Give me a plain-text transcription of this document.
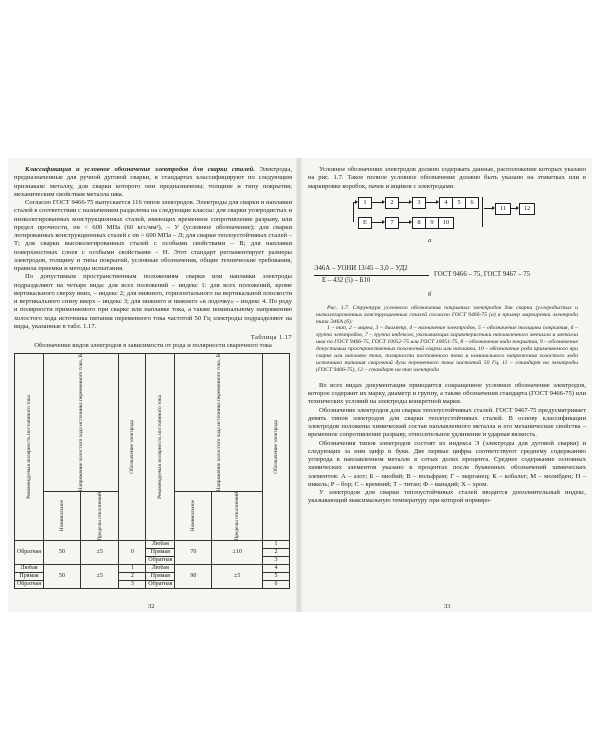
Классификация и условное обозначение электродов для сварки сталей. Электроды, предназначенные для ручной дуговой сварки, в стандартах классифицируют по следующим признакам: металлу, для сварки которого они предназначены; толщине и типу покрытия; механическим свойствам металла шва.

Согласно ГОСТ 9466-75 выпускается 116 типов электродов. Электроды для сварки и наплавки сталей в соответствии с назначением разделены на следующие классы: для сварки углеродистых и низколегированных конструкционных сталей, имеющих временное сопротивление разрыву, или предел прочности, σв < 600 МПа (60 кгс/мм²), – У (условное обозначение); для сварки легированных конструкционных сталей с σв > 600 МПа – Л; для сварки теплоустойчивых сталей – Т; для сварки высоколегированных сталей с особыми свойствами – В; для наплавки поверхностных слоев с особыми свойствами – Н. Этот стандарт регламентирует размеры электродов, толщину и типы покрытий, условные обозначения, общие технические требования, правила приемки и методы испытания.

По допустимым пространственным положениям сварки или наплавки электроды подразделяют на четыре вида: для всех положений – индекс 1: для всех положений, кроме вертикального сверху вниз, – индекс 2; для нижнего, горизонтального на вертикальной плоскости и вертикального снизу вверх – индекс 3; для нижнего и нижнего «в лодочку» – индекс 4. По роду и полярности применяемого при сварке или наплавке тока, а также номинальному напряжению холостого хода источника питания переменного тока частотой 50 Гц электроды подразделяют на виды, указанные в табл. 1.17.

Таблица 1.17
Обозначение видов электродов в зависимости от рода и полярности сварочного тока
Рекомендуемая полярность постоянного тока	Напряжение холостого хода источника переменного тока, В		Обозначение электрода	Рекомендуемая полярность постоянного тока	Напряжение холостого хода источника переменного тока, В		Обозначение электрода

	Номинальное	Пределы отклонений			Номинальное	Пределы отклонений	

Обратная	50	±5	0	Любая	70	±10	1
				Прямая			2
				Обратная			3
Любая	50	±5	1	Любая	90	±5	4
Прямая			2	Прямая			5
Обратная			3	Обратная			6
32

Условное обозначение электродов должно содержать данные, расположение которых указано на рис. 1.7. Такое полное условное обозначение должно быть указано на этикетках или в маркировке коробок, пачек и ящиков с электродами.

1	2	3	4	5	6
E	7	8	9	10
11	12
а
Э46А – УОНИ 13/45 – 3,0 – УД2
Е – 432 (5) – Б10
ГОСТ 9466 – 75, ГОСТ 9467 – 75
б

Рис. 1.7. Структура условного обозначения покрытых электродов для сварки (углеродистых и низколегированных конструкционных сталей согласно ГОСТ 9466-75 (а) и пример маркировки электрода типа Э46А (б):

1 – тип, 2 – марка, 3 – диаметр, 4 – назначение электродов, 5 – обозначение толщины покрытия, 6 – группа электродов, 7 – группа индексов, указывающих характеристики наплавленного металла и металла шва по ГОСТ 9466-75, ГОСТ 10052-75 или ГОСТ 10051-75, 8 – обозначение вида покрытия, 9 – обозначение допустимых пространственных положений сварки или наплавки, 10 – обозначение рода применяемого при сварке или наплавке тока, полярности постоянного тока и номинального напряжения холостого хода источника питания сварочной дуги переменного тока частотой 50 Гц, 11 – стандарт на электроды (ГОСТ 9466-75), 12 – стандарт на тип электрода

Во всех видах документации приводится сокращенное условное обозначение электродов, которое содержит их марку, диаметр и группу, а также обозначения стандарта (ГОСТ 9466-75) или технических условий на электроды конкретной марки.

Обозначение электродов для сварки теплоустойчивых сталей. ГОСТ 9467-75 предусматривает девять типов электродов для сварки теплоустойчивых сталей. В основу классификации электродов положены химический состав наплавленного металла и его механические свойства – временное сопротивление разрыву, относительное удлинение и ударная вязкость.

Обозначения типов электродов состоят из индекса Э (электроды для дуговой сварки) и следующих за ним цифр и букв. Две первые цифры соответствуют среднему содержанию углерода в наплавленном металле в сотых долях процента. Среднее содержание основных химических элементов указано в процентах после буквенных обозначений химических элементов: А – азот; Б – ниобий; В – вольфрам; Г – марганец; К – кобальт; М – молибден; Н – никель; Р – бор; С – кремний; Т – титан; Ф – ванадий; Х – хром.

У электродов для сварки теплоустойчивых сталей вводится дополнительный индекс, указывающий максимальную температуру при которой нормиро-

33
